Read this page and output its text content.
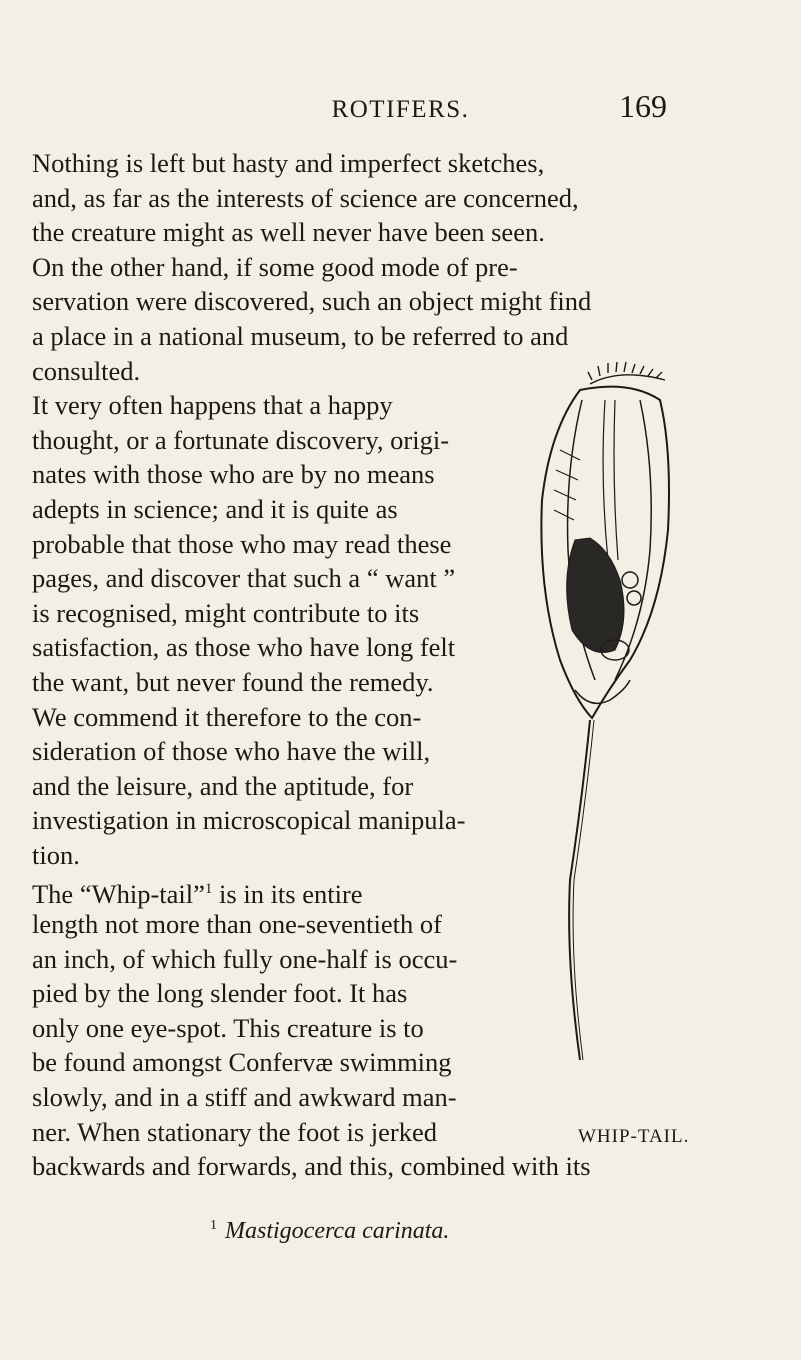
ROTIFERS.	169
Nothing is left but hasty and imperfect sketches,
and, as far as the interests of science are concerned,
the creature might as well never have been seen.
On the other hand, if some good mode of pre-
servation were discovered, such an object might find
a place in a national museum, to be referred to and
consulted.
It very often happens that a happy
thought, or a fortunate discovery, origi-
nates with those who are by no means
adepts in science; and it is quite as
probable that those who may read these
pages, and discover that such a “ want ”
is recognised, might contribute to its
satisfaction, as those who have long felt
the want, but never found the remedy.
We commend it therefore to the con-
sideration of those who have the will,
and the leisure, and the aptitude, for
investigation in microscopical manipula-
tion.
The “Whip-tail”$^1$ is in its entire
length not more than one-seventieth of
an inch, of which fully one-half is occu-
pied by the long slender foot. It has
only one eye-spot. This creature is to
be found amongst Confervæ swimming
slowly, and in a stiff and awkward man-
ner. When stationary the foot is jerked
backwards and forwards, and this, combined with its
WHIP-TAIL.
$^1$ Mastigocerca carinata.
